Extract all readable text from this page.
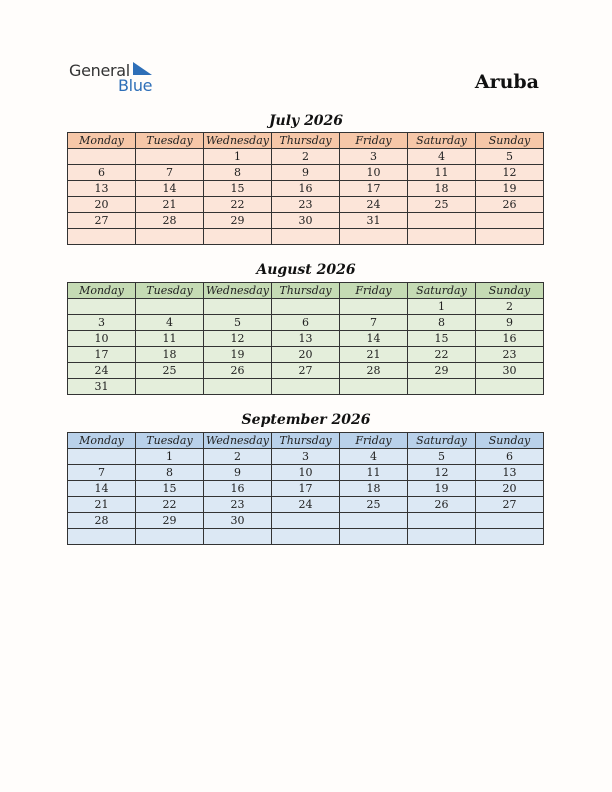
General
Blue	Aruba
July 2026
Monday	Tuesday	Wednesday	Thursday	Friday	Saturday	Sunday
		1	2	3	4	5
6	7	8	9	10	11	12
13	14	15	16	17	18	19
20	21	22	23	24	25	26
27	28	29	30	31		

August 2026
Monday	Tuesday	Wednesday	Thursday	Friday	Saturday	Sunday
					1	2
3	4	5	6	7	8	9
10	11	12	13	14	15	16
17	18	19	20	21	22	23
24	25	26	27	28	29	30
31						
September 2026
Monday	Tuesday	Wednesday	Thursday	Friday	Saturday	Sunday
	1	2	3	4	5	6
7	8	9	10	11	12	13
14	15	16	17	18	19	20
21	22	23	24	25	26	27
28	29	30				
